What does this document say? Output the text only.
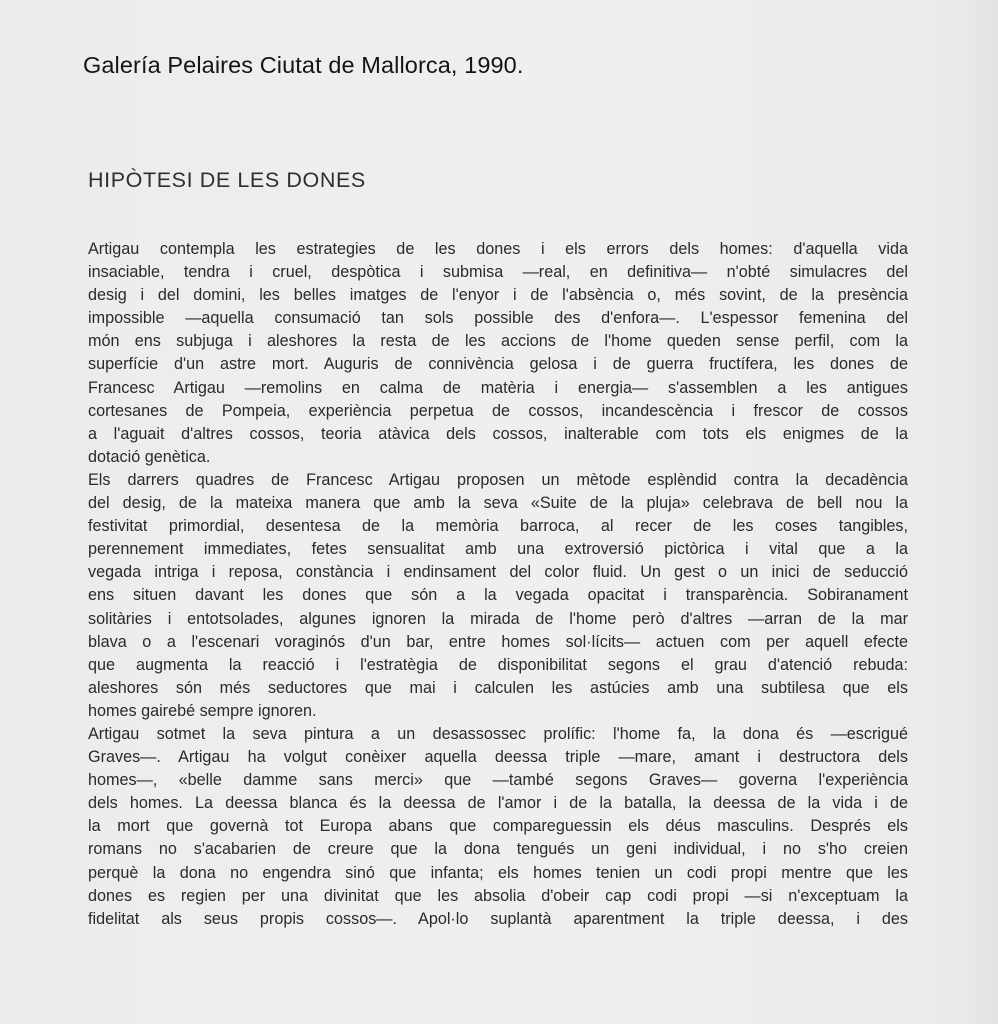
Galería Pelaires Ciutat de Mallorca, 1990.
HIPÒTESI DE LES DONES
Artigau contempla les estrategies de les dones i els errors dels homes: d'aquella vida
insaciable, tendra i cruel, despòtica i submisa —real, en definitiva— n'obté simulacres del
desig i del domini, les belles imatges de l'enyor i de l'absència o, més sovint, de la presència
impossible —aquella consumació tan sols possible des d'enfora—. L'espessor femenina del
món ens subjuga i aleshores la resta de les accions de l'home queden sense perfil, com la
superfície d'un astre mort. Auguris de connivència gelosa i de guerra fructífera, les dones de
Francesc Artigau —remolins en calma de matèria i energia— s'assemblen a les antigues
cortesanes de Pompeia, experiència perpetua de cossos, incandescència i frescor de cossos
a l'aguait d'altres cossos, teoria atàvica dels cossos, inalterable com tots els enigmes de la
dotació genètica.
Els darrers quadres de Francesc Artigau proposen un mètode esplèndid contra la decadència
del desig, de la mateixa manera que amb la seva «Suite de la pluja» celebrava de bell nou la
festivitat primordial, desentesa de la memòria barroca, al recer de les coses tangibles,
perennement immediates, fetes sensualitat amb una extroversió pictòrica i vital que a la
vegada intriga i reposa, constància i endinsament del color fluid. Un gest o un inici de seducció
ens situen davant les dones que són a la vegada opacitat i transparència. Sobiranament
solitàries i entotsolades, algunes ignoren la mirada de l'home però d'altres —arran de la mar
blava o a l'escenari voraginós d'un bar, entre homes sol·lícits— actuen com per aquell efecte
que augmenta la reacció i l'estratègia de disponibilitat segons el grau d'atenció rebuda:
aleshores són més seductores que mai i calculen les astúcies amb una subtilesa que els
homes gairebé sempre ignoren.
Artigau sotmet la seva pintura a un desassossec prolífic: l'home fa, la dona és —escrigué
Graves—. Artigau ha volgut conèixer aquella deessa triple —mare, amant i destructora dels
homes—, «belle damme sans merci» que —també segons Graves— governa l'experiència
dels homes. La deessa blanca és la deessa de l'amor i de la batalla, la deessa de la vida i de
la mort que governà tot Europa abans que compareguessin els déus masculins. Després els
romans no s'acabarien de creure que la dona tengués un geni individual, i no s'ho creien
perquè la dona no engendra sinó que infanta; els homes tenien un codi propi mentre que les
dones es regien per una divinitat que les absolia d'obeir cap codi propi —si n'exceptuam la
fidelitat als seus propis cossos—. Apol·lo suplantà aparentment la triple deessa, i des
